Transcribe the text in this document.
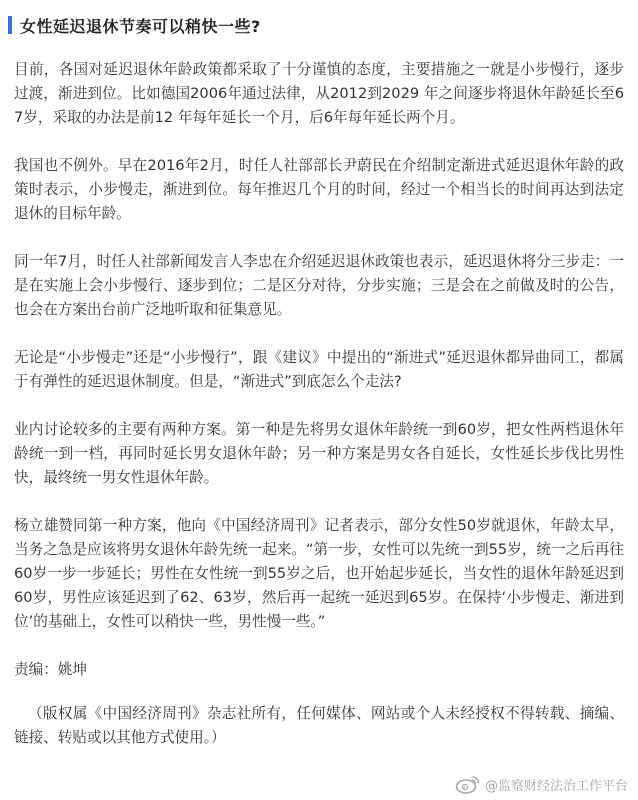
女性延迟退休节奏可以稍快一些?

目前，各国对延迟退休年龄政策都采取了十分谨慎的态度，主要措施之一就是小步慢行，逐步过渡，渐进到位。比如德国2006年通过法律，从2012到2029 年之间逐步将退休年龄延长至67岁，采取的办法是前12 年每年延长一个月，后6年每年延长两个月。

我国也不例外。早在2016年2月，时任人社部部长尹蔚民在介绍制定渐进式延迟退休年龄的政策时表示，小步慢走，渐进到位。每年推迟几个月的时间，经过一个相当长的时间再达到法定退休的目标年龄。

同一年7月，时任人社部新闻发言人李忠在介绍延迟退休政策也表示，延迟退休将分三步走：一是在实施上会小步慢行、逐步到位；二是区分对待，分步实施；三是会在之前做及时的公告，也会在方案出台前广泛地听取和征集意见。

无论是“小步慢走”还是“小步慢行”，跟《建议》中提出的“渐进式”延迟退休都异曲同工，都属于有弹性的延迟退休制度。但是，“渐进式”到底怎么个走法?

业内讨论较多的主要有两种方案。第一种是先将男女退休年龄统一到60岁，把女性两档退休年龄统一到一档，再同时延长男女退休年龄；另一种方案是男女各自延长，女性延长步伐比男性快，最终统一男女性退休年龄。

杨立雄赞同第一种方案，他向《中国经济周刊》记者表示，部分女性50岁就退休，年龄太早，当务之急是应该将男女退休年龄先统一起来。“第一步，女性可以先统一到55岁，统一之后再往60岁一步一步延长；男性在女性统一到55岁之后，也开始起步延长，当女性的退休年龄延迟到60岁，男性应该延迟到了62、63岁，然后再一起统一延迟到65岁。在保持‘小步慢走、渐进到位’的基础上，女性可以稍快一些，男性慢一些。”

责编：姚坤

（版权属《中国经济周刊》杂志社所有，任何媒体、网站或个人未经授权不得转载、摘编、链接、转贴或以其他方式使用。）

@监察财经法治工作平台
